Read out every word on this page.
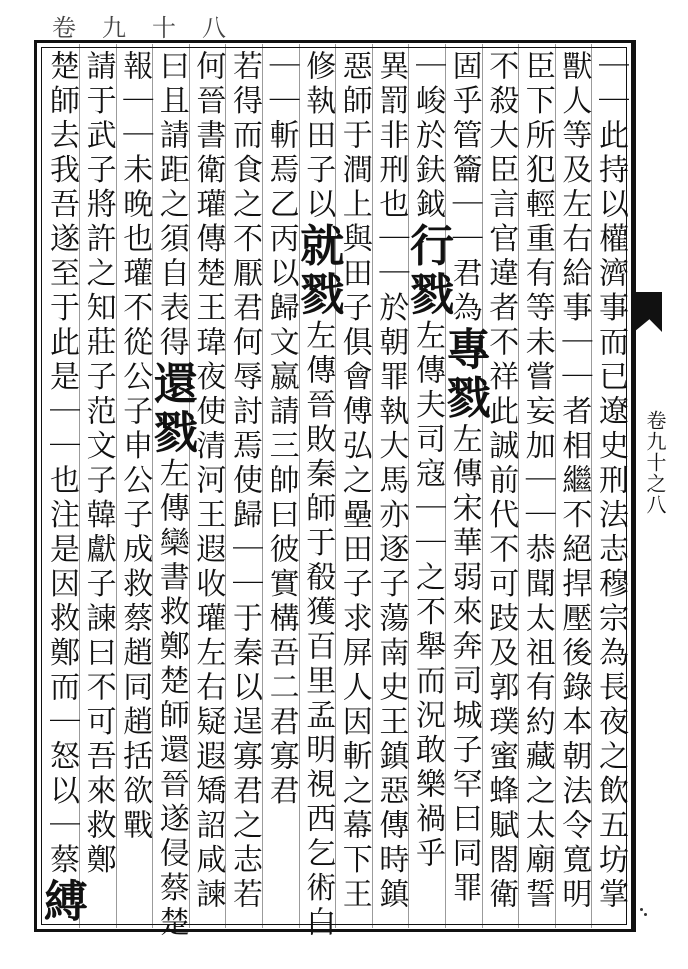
卷九十八
卷九十之八
｜｜此持以權濟事而已遼史刑法志穆宗為長夜之飲五坊掌
獸人等及左右給事｜｜者相繼不絕捍壓後錄本朝法令寬明
臣下所犯輕重有等未嘗妄加｜｜恭聞太祖有約藏之太廟誓
不殺大臣言官違者不祥此誠前代不可跂及郭璞蜜蜂賦閤衛
固乎管籥｜｜君為專戮左傳宋華弱來奔司城子罕曰同罪
｜峻於鈇鉞行戮左傳夫司寇｜｜之不舉而況敢樂禍乎
異罰非刑也｜｜於朝罪執大馬亦逐子蕩南史王鎮惡傳時鎮
惡師于澗上與田子俱會傅弘之壘田子求屏人因斬之幕下王
修執田子以就戮左傳晉敗秦師于殽獲百里孟明視西乞術白
｜｜斬焉乙丙以歸文嬴請三帥曰彼實構吾二君寡君
若得而食之不厭君何辱討焉使歸｜｜于秦以逞寡君之志若
何晉書衛瓘傳楚王瑋夜使清河王遐收瓘左右疑遐矯詔咸諫
曰且請距之須自表得還戮左傳欒書救鄭楚師還晉遂侵蔡楚
報｜｜未晚也瓘不從公子申公子成救蔡趙同趙括欲戰
請于武子將許之知莊子范文子韓獻子諫曰不可吾來救鄭
楚師去我吾遂至于此是｜｜也注是因救鄭而｜怒以｜蔡縛
